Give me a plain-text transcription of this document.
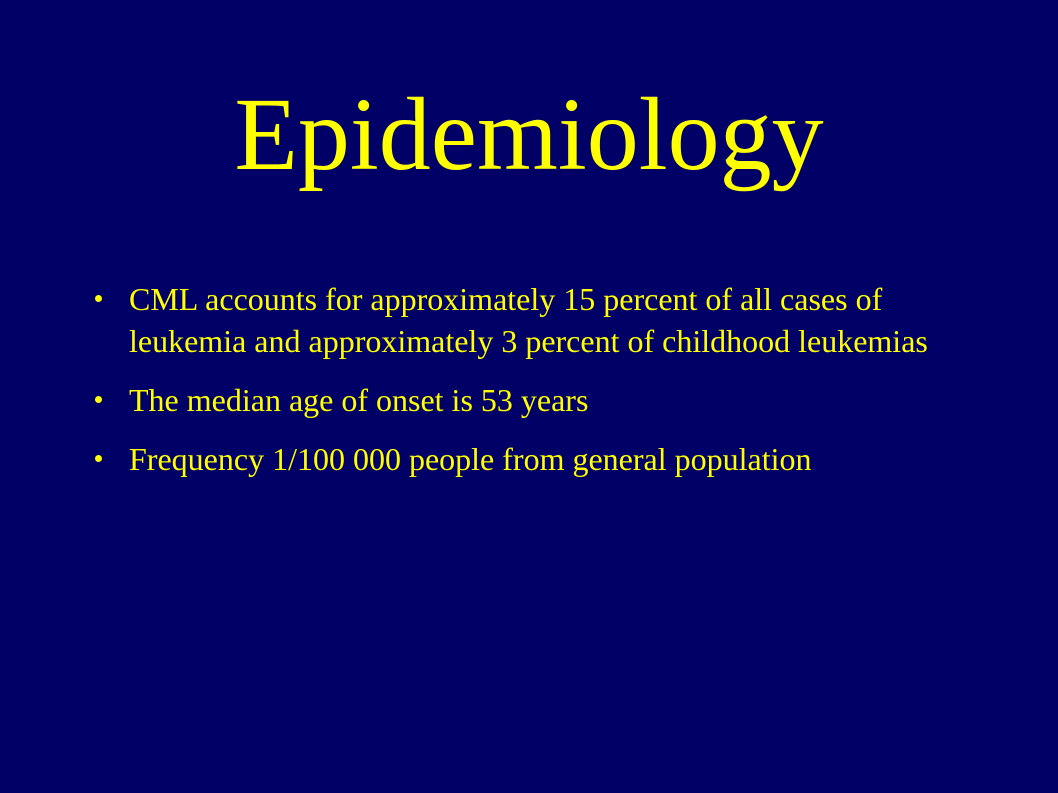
Epidemiology
CML accounts for approximately 15 percent of all cases of leukemia and approximately 3 percent of childhood leukemias
The median age of onset is 53 years
Frequency 1/100 000 people from general population
